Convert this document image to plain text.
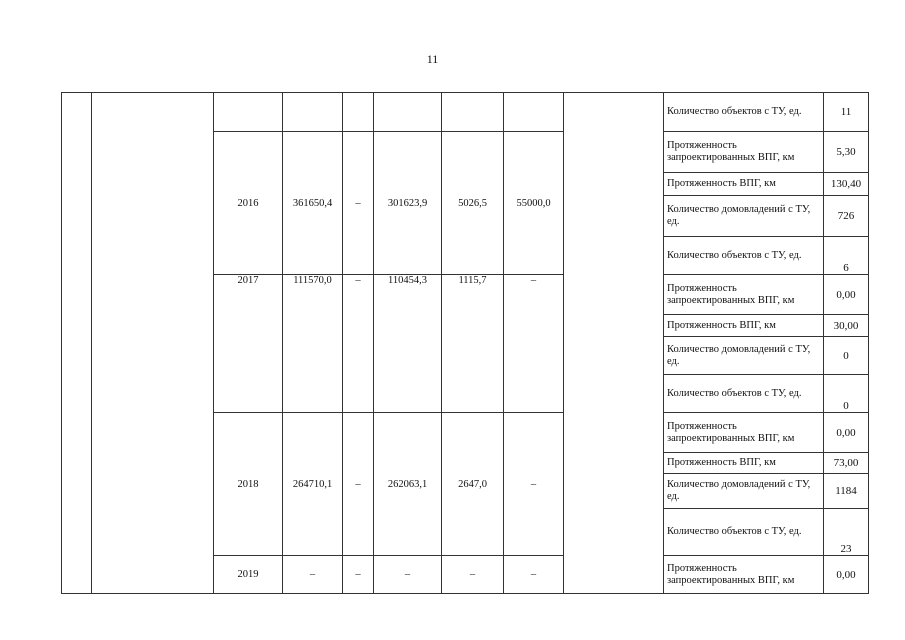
11
									Количество объектов с ТУ, ед.	11
		2016	361650,4	–	301623,9	5026,5	55000,0		Протяженность запроектированных ВПГ, км	5,30
									Протяженность ВПГ, км	130,40
									Количество домовладений с ТУ, ед.	726
									Количество объектов с ТУ, ед.	6
		2017	111570,0	–	110454,3	1115,7	–		Протяженность запроектированных ВПГ, км	0,00
									Протяженность ВПГ, км	30,00
									Количество домовладений с ТУ, ед.	0
									Количество объектов с ТУ, ед.	0
		2018	264710,1	–	262063,1	2647,0	–		Протяженность запроектированных ВПГ, км	0,00
									Протяженность ВПГ, км	73,00
									Количество домовладений с ТУ, ед.	1184
									Количество объектов с ТУ, ед.	23
		2019	–	–	–	–	–		Протяженность запроектированных ВПГ, км	0,00
